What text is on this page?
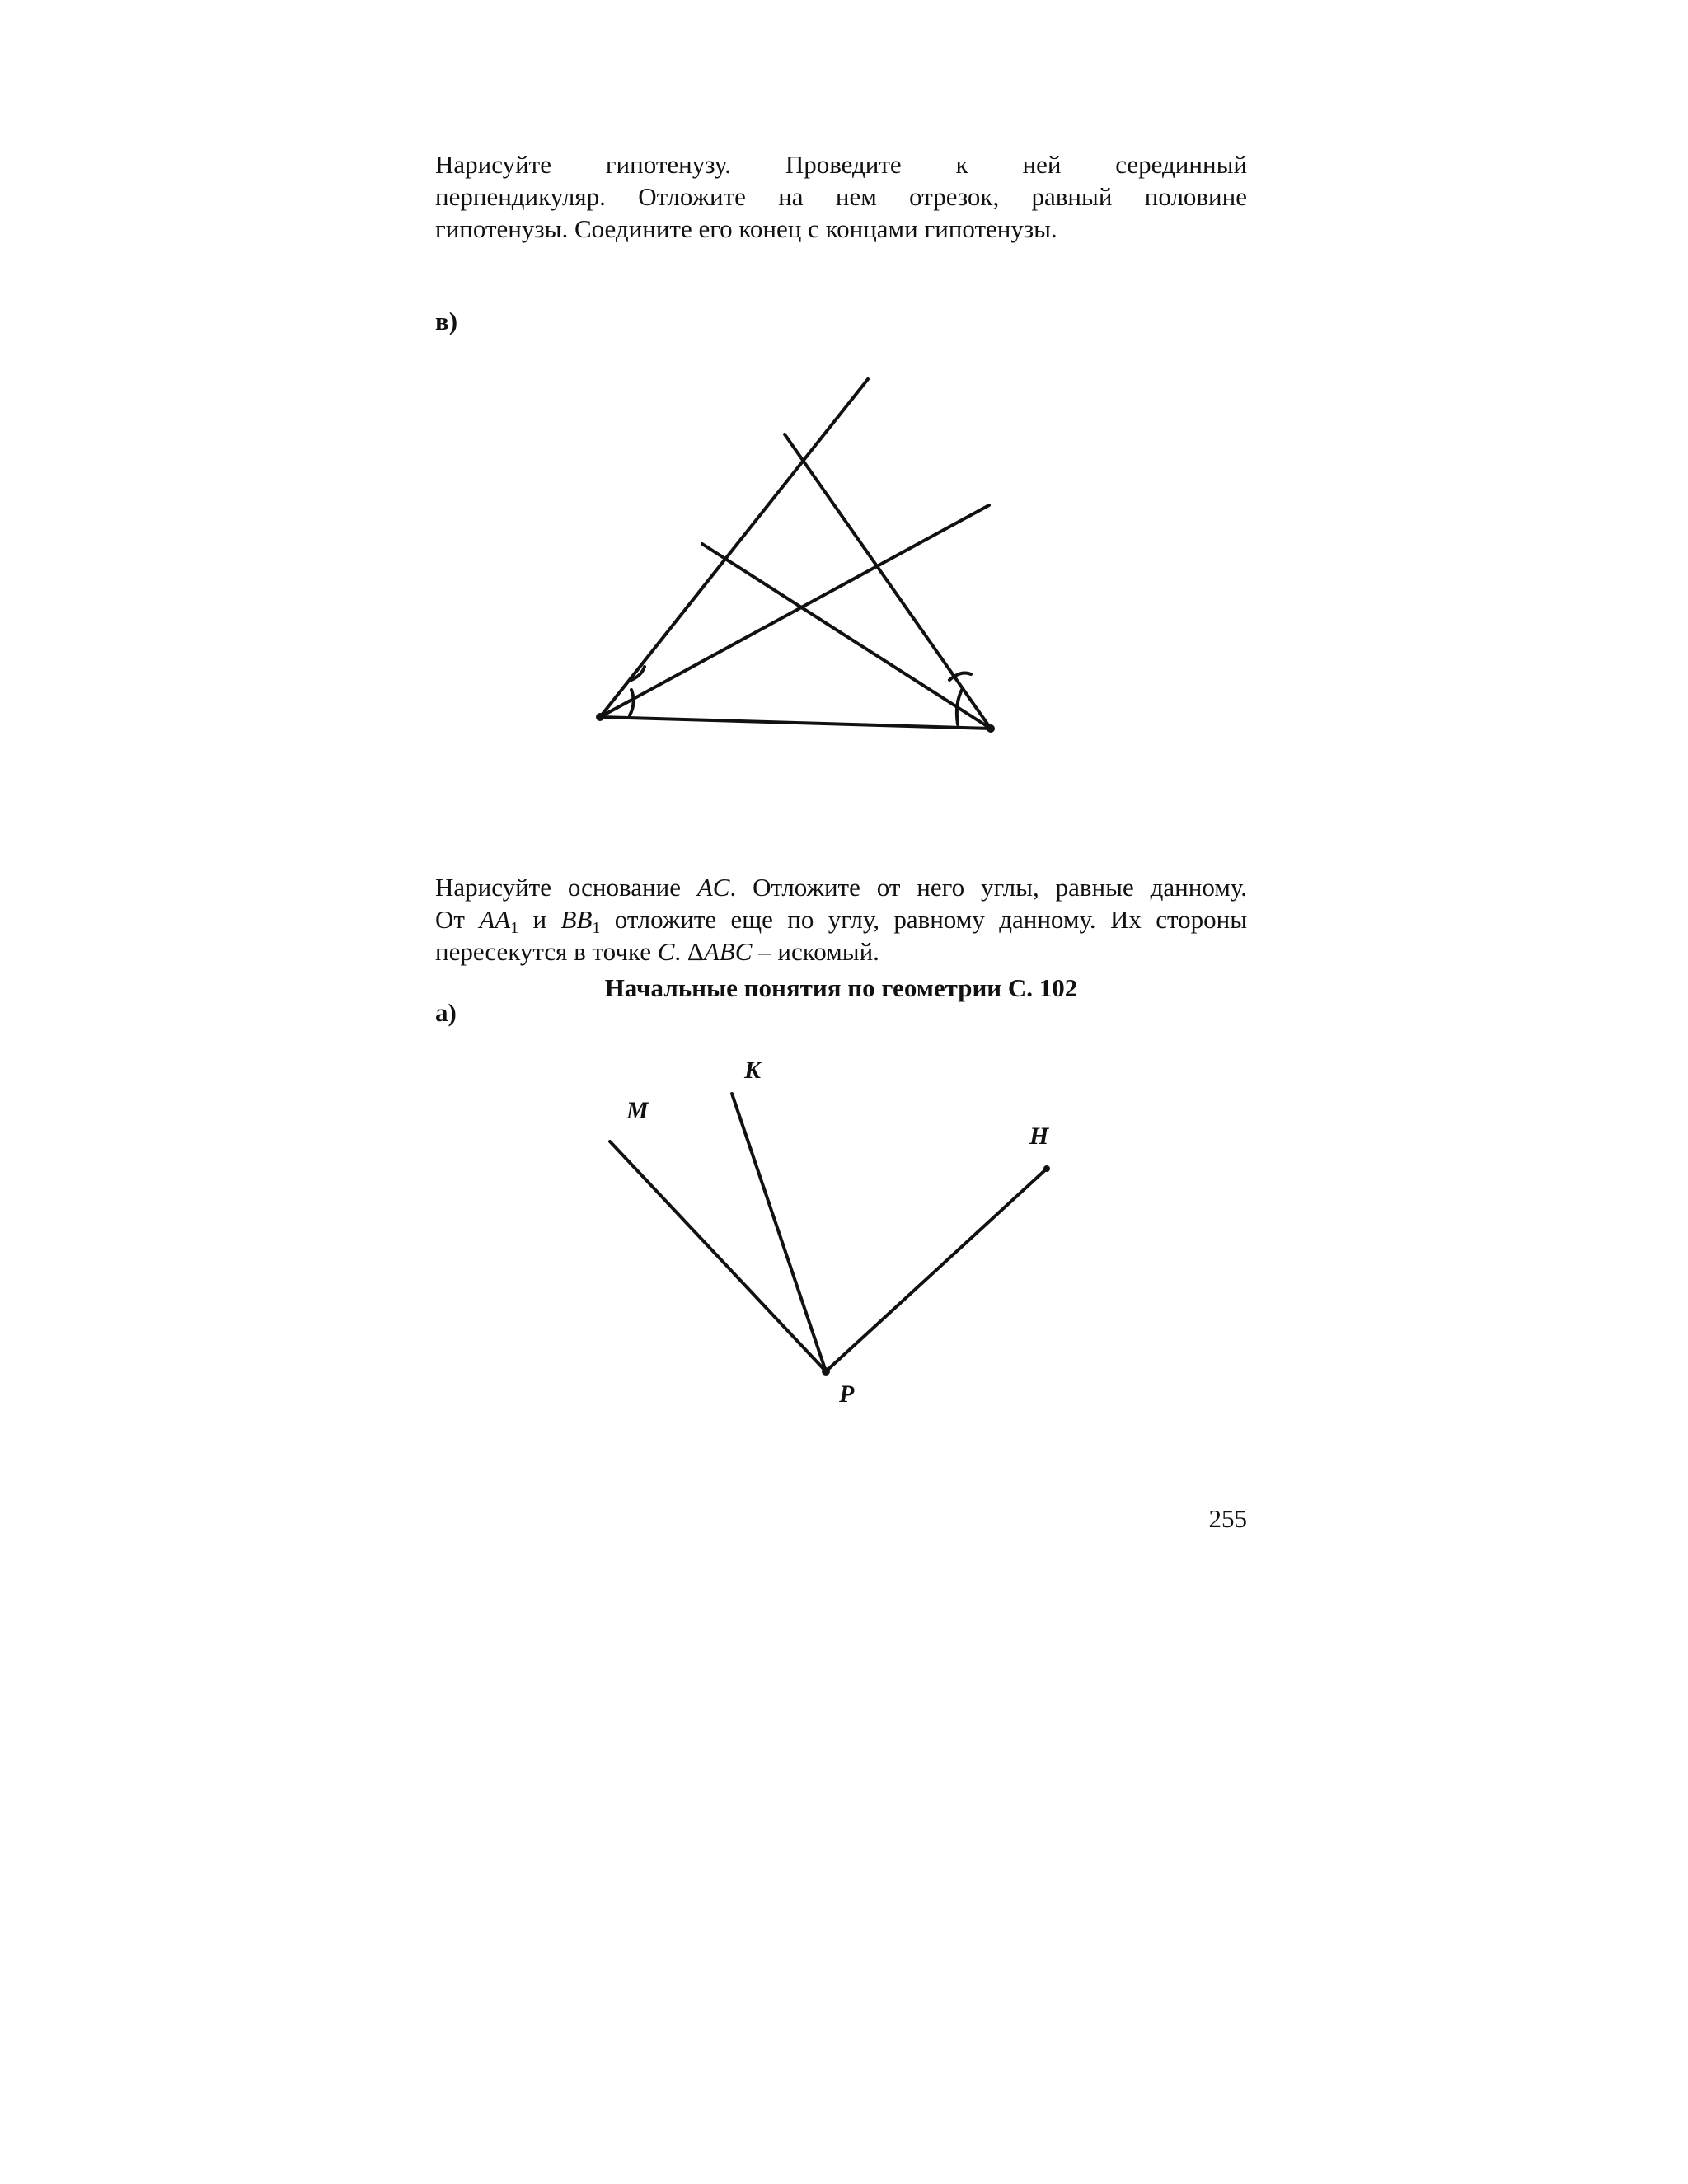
Нарисуйте гипотенузу. Проведите к ней серединный
перпендикуляр. Отложите на нем отрезок, равный половине
гипотенузы. Соедините его конец с концами гипотенузы.

в)

Нарисуйте основание AC. Отложите от него углы, равные данному.
От $AA_1$ и $BB_1$ отложите еще по углу, равному данному. Их стороны
пересекутся в точке C. ΔABC – искомый.

Начальные понятия по геометрии С. 102

а)

K
M
H
P

255
